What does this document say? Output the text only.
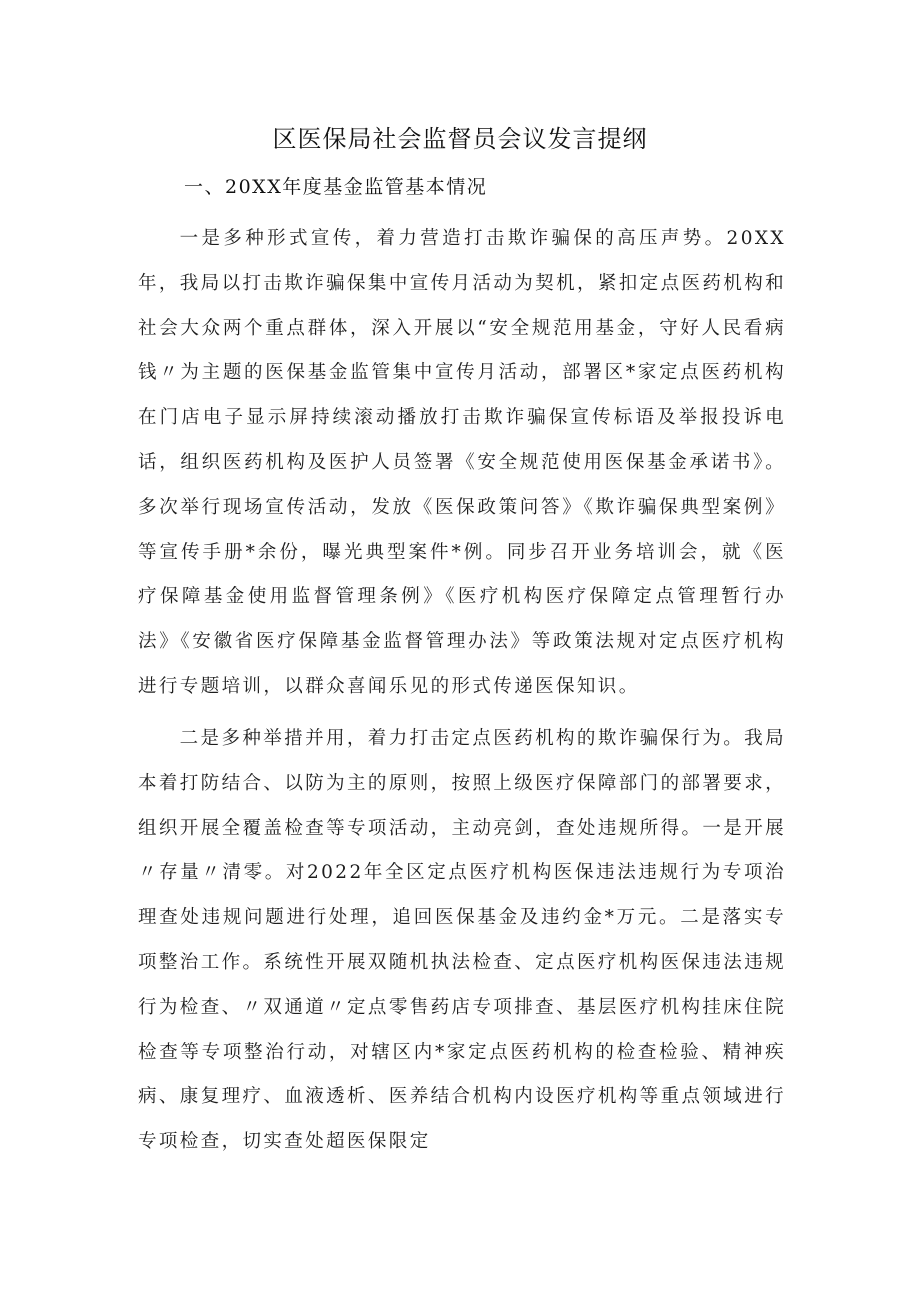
区医保局社会监督员会议发言提纲
一、20XX年度基金监管基本情况

一是多种形式宣传，着力营造打击欺诈骗保的高压声势。20XX年，我局以打击欺诈骗保集中宣传月活动为契机，紧扣定点医药机构和社会大众两个重点群体，深入开展以“安全规范用基金，守好人民看病钱〃为主题的医保基金监管集中宣传月活动，部署区*家定点医药机构在门店电子显示屏持续滚动播放打击欺诈骗保宣传标语及举报投诉电话，组织医药机构及医护人员签署《安全规范使用医保基金承诺书》。多次举行现场宣传活动，发放《医保政策问答》《欺诈骗保典型案例》等宣传手册*余份，曝光典型案件*例。同步召开业务培训会，就《医疗保障基金使用监督管理条例》《医疗机构医疗保障定点管理暂行办法》《安徽省医疗保障基金监督管理办法》等政策法规对定点医疗机构进行专题培训，以群众喜闻乐见的形式传递医保知识。

二是多种举措并用，着力打击定点医药机构的欺诈骗保行为。我局本着打防结合、以防为主的原则，按照上级医疗保障部门的部署要求，组织开展全覆盖检查等专项活动，主动亮剑，查处违规所得。一是开展〃存量〃清零。对2022年全区定点医疗机构医保违法违规行为专项治理查处违规问题进行处理，追回医保基金及违约金*万元。二是落实专项整治工作。系统性开展双随机执法检查、定点医疗机构医保违法违规行为检查、〃双通道〃定点零售药店专项排查、基层医疗机构挂床住院检查等专项整治行动，对辖区内*家定点医药机构的检查检验、精神疾病、康复理疗、血液透析、医养结合机构内设医疗机构等重点领域进行专项检查，切实查处超医保限定
